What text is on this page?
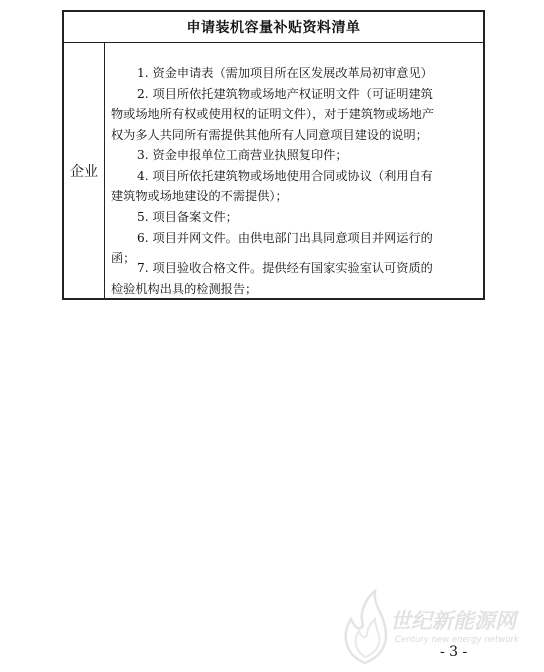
申请装机容量补贴资料清单
企业
1. 资金申请表（需加项目所在区发展改革局初审意见）
2. 项目所依托建筑物或场地产权证明文件（可证明建筑
物或场地所有权或使用权的证明文件），对于建筑物或场地产
权为多人共同所有需提供其他所有人同意项目建设的说明；
3. 资金申报单位工商营业执照复印件；
4. 项目所依托建筑物或场地使用合同或协议（利用自有
建筑物或场地建设的不需提供）；
5. 项目备案文件；
6. 项目并网文件。由供电部门出具同意项目并网运行的
函；
7. 项目验收合格文件。提供经有国家实验室认可资质的
检验机构出具的检测报告；
世纪新能源网
Century new energy network
- 3 -
